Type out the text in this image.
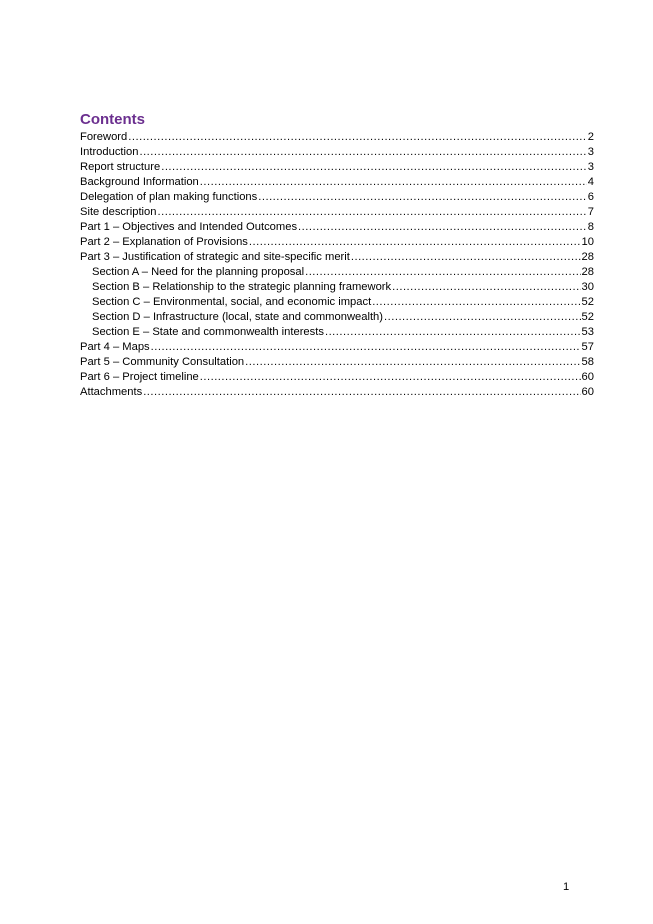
Contents
Foreword .....	2
Introduction .....	3
Report structure .....	3
Background Information .....	4
Delegation of plan making functions .....	6
Site description .....	7
Part 1 – Objectives and Intended Outcomes .....	8
Part 2 – Explanation of Provisions .....	10
Part 3 – Justification of strategic and site-specific merit .....	28
Section A – Need for the planning proposal .....	28
Section B – Relationship to the strategic planning framework .....	30
Section C – Environmental, social, and economic impact .....	52
Section D – Infrastructure (local, state and commonwealth) .....	52
Section E – State and commonwealth interests .....	53
Part 4 – Maps .....	57
Part 5 – Community Consultation .....	58
Part 6 – Project timeline .....	60
Attachments .....	60
1
